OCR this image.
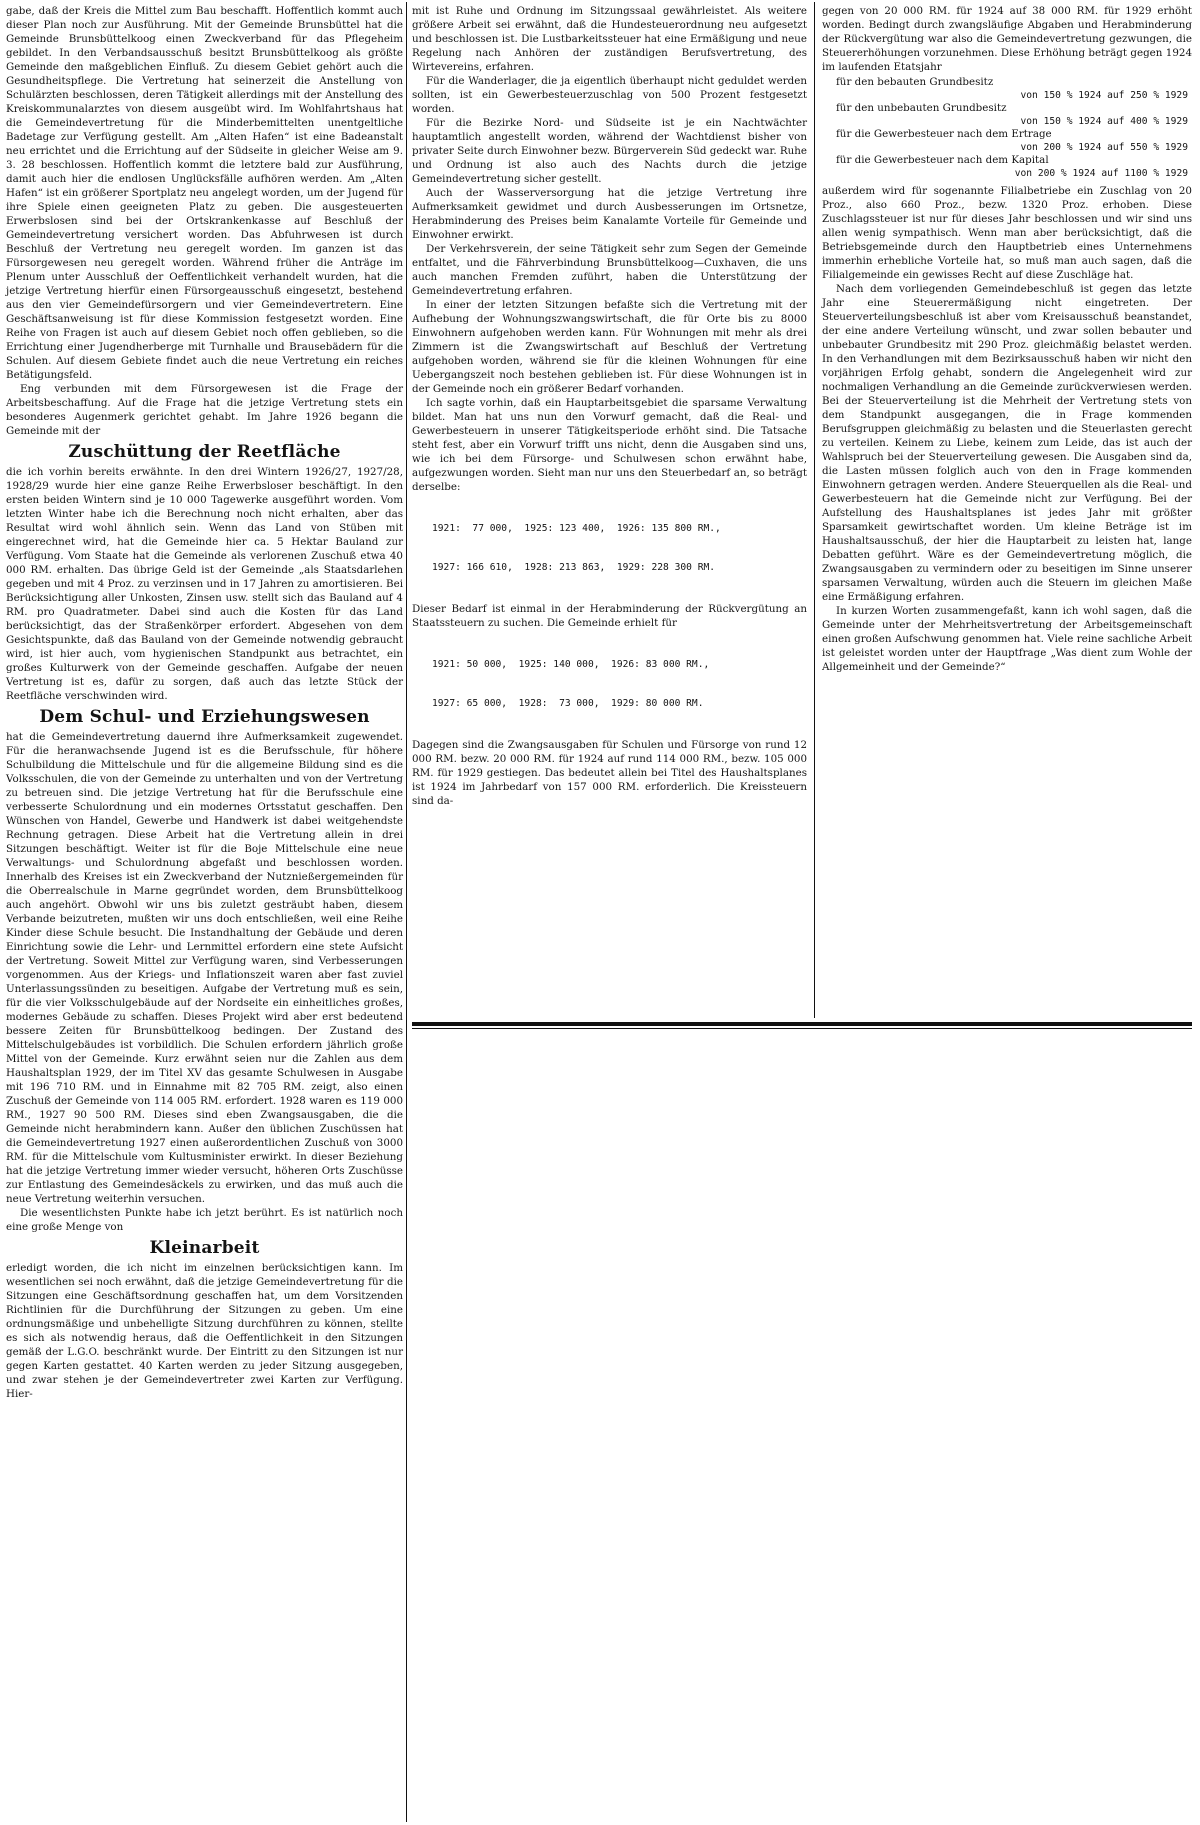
gabe, daß der Kreis die Mittel zum Bau beschafft. Hoffentlich kommt auch dieser Plan noch zur Ausführung. Mit der Gemeinde Brunsbüttel hat die Gemeinde Brunsbüttelkoog einen Zweckverband für das Pflegeheim gebildet. In den Verbandsausschuß besitzt Brunsbüttelkoog als größte Gemeinde den maßgeblichen Einfluß. Zu diesem Gebiet gehört auch die Gesundheitspflege. Die Vertretung hat seinerzeit die Anstellung von Schulärzten beschlossen, deren Tätigkeit allerdings mit der Anstellung des Kreiskommunalarztes von diesem ausgeübt wird. Im Wohlfahrtshaus hat die Gemeindevertretung für die Minderbemittelten unentgeltliche Badetage zur Verfügung gestellt. Am „Alten Hafen“ ist eine Badeanstalt neu errichtet und die Errichtung auf der Südseite in gleicher Weise am 9. 3. 28 beschlossen. Hoffentlich kommt die letztere bald zur Ausführung, damit auch hier die endlosen Unglücksfälle aufhören werden. Am „Alten Hafen“ ist ein größerer Sportplatz neu angelegt worden, um der Jugend für ihre Spiele einen geeigneten Platz zu geben. Die ausgesteuerten Erwerbslosen sind bei der Ortskrankenkasse auf Beschluß der Gemeindevertretung versichert worden. Das Abfuhrwesen ist durch Beschluß der Vertretung neu geregelt worden. Im ganzen ist das Fürsorgewesen neu geregelt worden. Während früher die Anträge im Plenum unter Ausschluß der Oeffentlichkeit verhandelt wurden, hat die jetzige Vertretung hierfür einen Fürsorgeausschuß eingesetzt, bestehend aus den vier Gemeindefürsorgern und vier Gemeindevertretern. Eine Geschäftsanweisung ist für diese Kommission festgesetzt worden. Eine Reihe von Fragen ist auch auf diesem Gebiet noch offen geblieben, so die Errichtung einer Jugendherberge mit Turnhalle und Brausebädern für die Schulen. Auf diesem Gebiete findet auch die neue Vertretung ein reiches Betätigungsfeld.

Eng verbunden mit dem Fürsorgewesen ist die Frage der Arbeitsbeschaffung. Auf die Frage hat die jetzige Vertretung stets ein besonderes Augenmerk gerichtet gehabt. Im Jahre 1926 begann die Gemeinde mit der

Zuschüttung der Reetfläche

die ich vorhin bereits erwähnte. In den drei Wintern 1926/27, 1927/28, 1928/29 wurde hier eine ganze Reihe Erwerbsloser beschäftigt. In den ersten beiden Wintern sind je 10 000 Tagewerke ausgeführt worden. Vom letzten Winter habe ich die Berechnung noch nicht erhalten, aber das Resultat wird wohl ähnlich sein. Wenn das Land von Stüben mit eingerechnet wird, hat die Gemeinde hier ca. 5 Hektar Bauland zur Verfügung. Vom Staate hat die Gemeinde als verlorenen Zuschuß etwa 40 000 RM. erhalten. Das übrige Geld ist der Gemeinde „als Staatsdarlehen gegeben und mit 4 Proz. zu verzinsen und in 17 Jahren zu amortisieren. Bei Berücksichtigung aller Unkosten, Zinsen usw. stellt sich das Bauland auf 4 RM. pro Quadratmeter. Dabei sind auch die Kosten für das Land berücksichtigt, das der Straßenkörper erfordert. Abgesehen von dem Gesichtspunkte, daß das Bauland von der Gemeinde notwendig gebraucht wird, ist hier auch, vom hygienischen Standpunkt aus betrachtet, ein großes Kulturwerk von der Gemeinde geschaffen. Aufgabe der neuen Vertretung ist es, dafür zu sorgen, daß auch das letzte Stück der Reetfläche verschwinden wird.

Dem Schul- und Erziehungswesen

hat die Gemeindevertretung dauernd ihre Aufmerksamkeit zugewendet. Für die heranwachsende Jugend ist es die Berufsschule, für höhere Schulbildung die Mittelschule und für die allgemeine Bildung sind es die Volksschulen, die von der Gemeinde zu unterhalten und von der Vertretung zu betreuen sind. Die jetzige Vertretung hat für die Berufsschule eine verbesserte Schulordnung und ein modernes Ortsstatut geschaffen. Den Wünschen von Handel, Gewerbe und Handwerk ist dabei weitgehendste Rechnung getragen. Diese Arbeit hat die Vertretung allein in drei Sitzungen beschäftigt. Weiter ist für die Boje Mittelschule eine neue Verwaltungs- und Schulordnung abgefaßt und beschlossen worden. Innerhalb des Kreises ist ein Zweckverband der Nutznießergemeinden für die Oberrealschule in Marne gegründet worden, dem Brunsbüttelkoog auch angehört. Obwohl wir uns bis zuletzt gesträubt haben, diesem Verbande beizutreten, mußten wir uns doch entschließen, weil eine Reihe Kinder diese Schule besucht. Die Instandhaltung der Gebäude und deren Einrichtung sowie die Lehr- und Lernmittel erfordern eine stete Aufsicht der Vertretung. Soweit Mittel zur Verfügung waren, sind Verbesserungen vorgenommen. Aus der Kriegs- und Inflationszeit waren aber fast zuviel Unterlassungssünden zu beseitigen. Aufgabe der Vertretung muß es sein, für die vier Volksschulgebäude auf der Nordseite ein einheitliches großes, modernes Gebäude zu schaffen. Dieses Projekt wird aber erst bedeutend bessere Zeiten für Brunsbüttelkoog bedingen. Der Zustand des Mittelschulgebäudes ist vorbildlich. Die Schulen erfordern jährlich große Mittel von der Gemeinde. Kurz erwähnt seien nur die Zahlen aus dem Haushaltsplan 1929, der im Titel XV das gesamte Schulwesen in Ausgabe mit 196 710 RM. und in Einnahme mit 82 705 RM. zeigt, also einen Zuschuß der Gemeinde von 114 005 RM. erfordert. 1928 waren es 119 000 RM., 1927 90 500 RM. Dieses sind eben Zwangsausgaben, die die Gemeinde nicht herabmindern kann. Außer den üblichen Zuschüssen hat die Gemeindevertretung 1927 einen außerordentlichen Zuschuß von 3000 RM. für die Mittelschule vom Kultusminister erwirkt. In dieser Beziehung hat die jetzige Vertretung immer wieder versucht, höheren Orts Zuschüsse zur Entlastung des Gemeindesäckels zu erwirken, und das muß auch die neue Vertretung weiterhin versuchen.

Die wesentlichsten Punkte habe ich jetzt berührt. Es ist natürlich noch eine große Menge von

Kleinarbeit

erledigt worden, die ich nicht im einzelnen berücksichtigen kann. Im wesentlichen sei noch erwähnt, daß die jetzige Gemeindevertretung für die Sitzungen eine Geschäftsordnung geschaffen hat, um dem Vorsitzenden Richtlinien für die Durchführung der Sitzungen zu geben. Um eine ordnungsmäßige und unbehelligte Sitzung durchführen zu können, stellte es sich als notwendig heraus, daß die Oeffentlichkeit in den Sitzungen gemäß der L.G.O. beschränkt wurde. Der Eintritt zu den Sitzungen ist nur gegen Karten gestattet. 40 Karten werden zu jeder Sitzung ausgegeben, und zwar stehen je der Gemeindevertreter zwei Karten zur Verfügung. Hier-

mit ist Ruhe und Ordnung im Sitzungssaal gewährleistet. Als weitere größere Arbeit sei erwähnt, daß die Hundesteuerordnung neu aufgesetzt und beschlossen ist. Die Lustbarkeitssteuer hat eine Ermäßigung und neue Regelung nach Anhören der zuständigen Berufsvertretung, des Wirtevereins, erfahren.

Für die Wanderlager, die ja eigentlich überhaupt nicht geduldet werden sollten, ist ein Gewerbesteuerzuschlag von 500 Prozent festgesetzt worden.

Für die Bezirke Nord- und Südseite ist je ein Nachtwächter hauptamtlich angestellt worden, während der Wachtdienst bisher von privater Seite durch Einwohner bezw. Bürgerverein Süd gedeckt war. Ruhe und Ordnung ist also auch des Nachts durch die jetzige Gemeindevertretung sicher gestellt.

Auch der Wasserversorgung hat die jetzige Vertretung ihre Aufmerksamkeit gewidmet und durch Ausbesserungen im Ortsnetze, Herabminderung des Preises beim Kanalamte Vorteile für Gemeinde und Einwohner erwirkt.

Der Verkehrsverein, der seine Tätigkeit sehr zum Segen der Gemeinde entfaltet, und die Fährverbindung Brunsbüttelkoog—Cuxhaven, die uns auch manchen Fremden zuführt, haben die Unterstützung der Gemeindevertretung erfahren.

In einer der letzten Sitzungen befaßte sich die Vertretung mit der Aufhebung der Wohnungszwangswirtschaft, die für Orte bis zu 8000 Einwohnern aufgehoben werden kann. Für Wohnungen mit mehr als drei Zimmern ist die Zwangswirtschaft auf Beschluß der Vertretung aufgehoben worden, während sie für die kleinen Wohnungen für eine Uebergangszeit noch bestehen geblieben ist. Für diese Wohnungen ist in der Gemeinde noch ein größerer Bedarf vorhanden.

Ich sagte vorhin, daß ein Hauptarbeitsgebiet die sparsame Verwaltung bildet. Man hat uns nun den Vorwurf gemacht, daß die Real- und Gewerbesteuern in unserer Tätigkeitsperiode erhöht sind. Die Tatsache steht fest, aber ein Vorwurf trifft uns nicht, denn die Ausgaben sind uns, wie ich bei dem Fürsorge- und Schulwesen schon erwähnt habe, aufgezwungen worden. Sieht man nur uns den Steuerbedarf an, so beträgt derselbe:

1921:  77 000,  1925: 123 400,  1926: 135 800 RM.,

1927: 166 610,  1928: 213 863,  1929: 228 300 RM.

Dieser Bedarf ist einmal in der Herabminderung der Rückvergütung an Staatssteuern zu suchen. Die Gemeinde erhielt für

1921: 50 000,  1925: 140 000,  1926: 83 000 RM.,

1927: 65 000,  1928:  73 000,  1929: 80 000 RM.

Dagegen sind die Zwangsausgaben für Schulen und Fürsorge von rund 12 000 RM. bezw. 20 000 RM. für 1924 auf rund 114 000 RM., bezw. 105 000 RM. für 1929 gestiegen. Das bedeutet allein bei Titel des Haushaltsplanes ist 1924 im Jahrbedarf von 157 000 RM. erforderlich. Die Kreissteuern sind da-

gegen von 20 000 RM. für 1924 auf 38 000 RM. für 1929 erhöht worden. Bedingt durch zwangsläufige Abgaben und Herabminderung der Rückvergütung war also die Gemeindevertretung gezwungen, die Steuererhöhungen vorzunehmen. Diese Erhöhung beträgt gegen 1924 im laufenden Etatsjahr

für den bebauten Grundbesitz
von 150 % 1924 auf 250 % 1929
für den unbebauten Grundbesitz
von 150 % 1924 auf 400 % 1929
für die Gewerbesteuer nach dem Ertrage
von 200 % 1924 auf 550 % 1929
für die Gewerbesteuer nach dem Kapital
von 200 % 1924 auf 1100 % 1929

außerdem wird für sogenannte Filialbetriebe ein Zuschlag von 20 Proz., also 660 Proz., bezw. 1320 Proz. erhoben. Diese Zuschlagssteuer ist nur für dieses Jahr beschlossen und wir sind uns allen wenig sympathisch. Wenn man aber berücksichtigt, daß die Betriebsgemeinde durch den Hauptbetrieb eines Unternehmens immerhin erhebliche Vorteile hat, so muß man auch sagen, daß die Filialgemeinde ein gewisses Recht auf diese Zuschläge hat.

Nach dem vorliegenden Gemeindebeschluß ist gegen das letzte Jahr eine Steuerermäßigung nicht eingetreten. Der Steuerverteilungsbeschluß ist aber vom Kreisausschuß beanstandet, der eine andere Verteilung wünscht, und zwar sollen bebauter und unbebauter Grundbesitz mit 290 Proz. gleichmäßig belastet werden. In den Verhandlungen mit dem Bezirksausschuß haben wir nicht den vorjährigen Erfolg gehabt, sondern die Angelegenheit wird zur nochmaligen Verhandlung an die Gemeinde zurückverwiesen werden. Bei der Steuerverteilung ist die Mehrheit der Vertretung stets von dem Standpunkt ausgegangen, die in Frage kommenden Berufsgruppen gleichmäßig zu belasten und die Steuerlasten gerecht zu verteilen. Keinem zu Liebe, keinem zum Leide, das ist auch der Wahlspruch bei der Steuerverteilung gewesen. Die Ausgaben sind da, die Lasten müssen folglich auch von den in Frage kommenden Einwohnern getragen werden. Andere Steuerquellen als die Real- und Gewerbesteuern hat die Gemeinde nicht zur Verfügung. Bei der Aufstellung des Haushaltsplanes ist jedes Jahr mit größter Sparsamkeit gewirtschaftet worden. Um kleine Beträge ist im Haushaltsausschuß, der hier die Hauptarbeit zu leisten hat, lange Debatten geführt. Wäre es der Gemeindevertretung möglich, die Zwangsausgaben zu vermindern oder zu beseitigen im Sinne unserer sparsamen Verwaltung, würden auch die Steuern im gleichen Maße eine Ermäßigung erfahren.

In kurzen Worten zusammengefaßt, kann ich wohl sagen, daß die Gemeinde unter der Mehrheitsvertretung der Arbeitsgemeinschaft einen großen Aufschwung genommen hat. Viele reine sachliche Arbeit ist geleistet worden unter der Hauptfrage „Was dient zum Wohle der Allgemeinheit und der Gemeinde?“
